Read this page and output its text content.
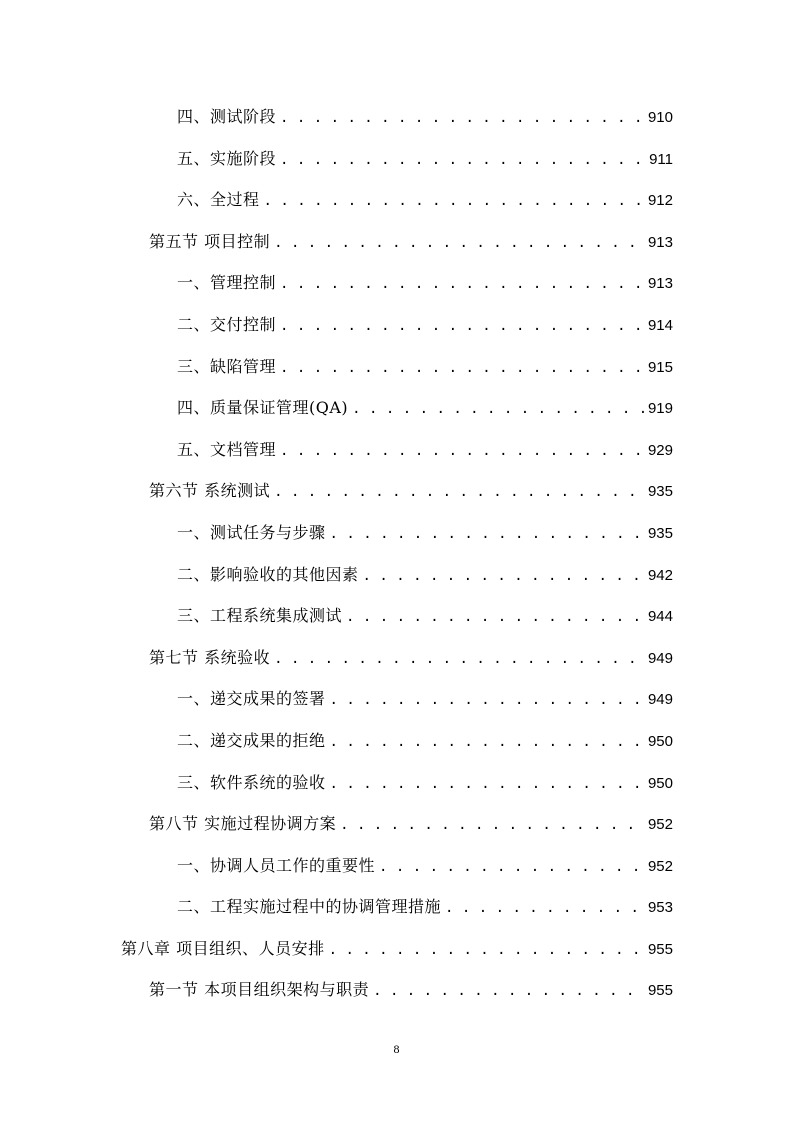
四、测试阶段 . . .	910
五、实施阶段 . . .	911
六、全过程 . . .	912
第五节 项目控制 . . .	913
一、管理控制 . . .	913
二、交付控制 . . .	914
三、缺陷管理 . . .	915
四、质量保证管理(QA) . . .	919
五、文档管理 . . .	929
第六节 系统测试 . . .	935
一、测试任务与步骤 . . .	935
二、影响验收的其他因素 . . .	942
三、工程系统集成测试 . . .	944
第七节 系统验收 . . .	949
一、递交成果的签署 . . .	949
二、递交成果的拒绝 . . .	950
三、软件系统的验收 . . .	950
第八节 实施过程协调方案 . . .	952
一、协调人员工作的重要性 . . .	952
二、工程实施过程中的协调管理措施 . . .	953
第八章 项目组织、人员安排 . . .	955
第一节 本项目组织架构与职责 . . .	955
8
